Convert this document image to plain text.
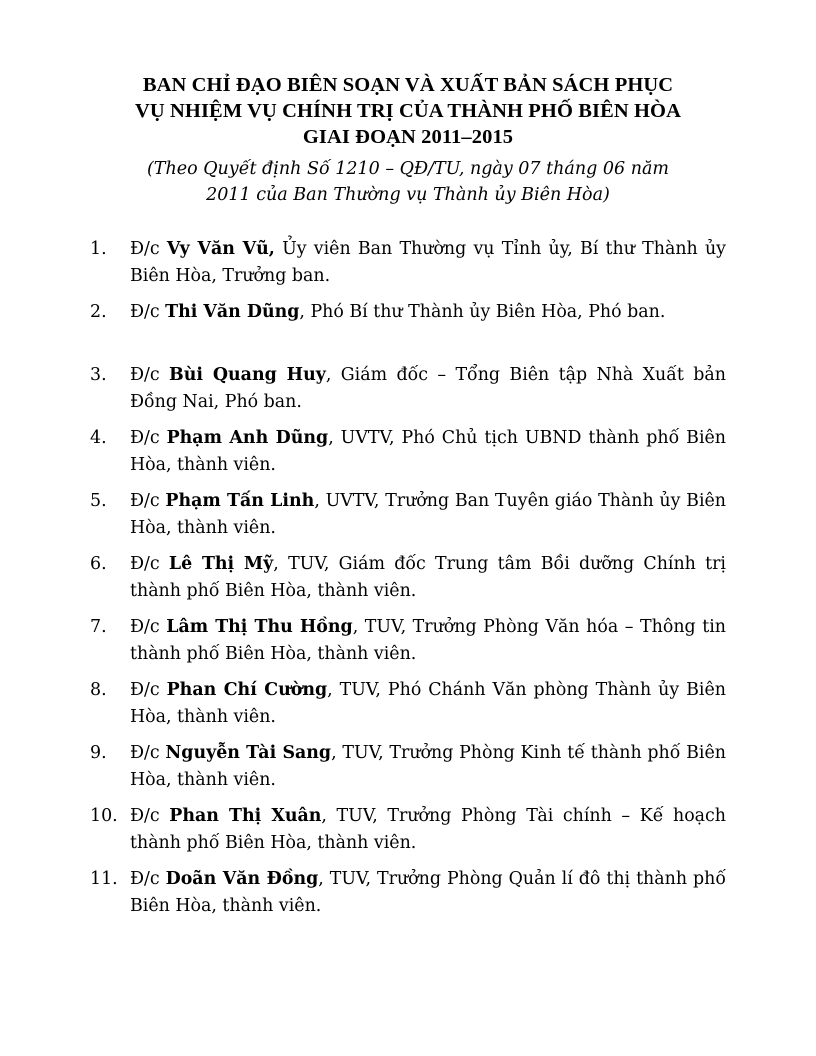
BAN CHỈ ĐẠO BIÊN SOẠN VÀ XUẤT BẢN SÁCH PHỤC
VỤ NHIỆM VỤ CHÍNH TRỊ CỦA THÀNH PHỐ BIÊN HÒA
GIAI ĐOẠN 2011–2015
(Theo Quyết định Số 1210 – QĐ/TU, ngày 07 tháng 06 năm
2011 của Ban Thường vụ Thành ủy Biên Hòa)
1. Đ/c Vy Văn Vũ, Ủy viên Ban Thường vụ Tỉnh ủy, Bí thư Thành ủy Biên Hòa, Trưởng ban.
2. Đ/c Thi Văn Dũng, Phó Bí thư Thành ủy Biên Hòa, Phó ban.
3. Đ/c Bùi Quang Huy, Giám đốc – Tổng Biên tập Nhà Xuất bản Đồng Nai, Phó ban.
4. Đ/c Phạm Anh Dũng, UVTV, Phó Chủ tịch UBND thành phố Biên Hòa, thành viên.
5. Đ/c Phạm Tấn Linh, UVTV, Trưởng Ban Tuyên giáo Thành ủy Biên Hòa, thành viên.
6. Đ/c Lê Thị Mỹ, TUV, Giám đốc Trung tâm Bồi dưỡng Chính trị thành phố Biên Hòa, thành viên.
7. Đ/c Lâm Thị Thu Hồng, TUV, Trưởng Phòng Văn hóa – Thông tin thành phố Biên Hòa, thành viên.
8. Đ/c Phan Chí Cường, TUV, Phó Chánh Văn phòng Thành ủy Biên Hòa, thành viên.
9. Đ/c Nguyễn Tài Sang, TUV, Trưởng Phòng Kinh tế thành phố Biên Hòa, thành viên.
10. Đ/c Phan Thị Xuân, TUV, Trưởng Phòng Tài chính – Kế hoạch thành phố Biên Hòa, thành viên.
11. Đ/c Doãn Văn Đồng, TUV, Trưởng Phòng Quản lí đô thị thành phố Biên Hòa, thành viên.
